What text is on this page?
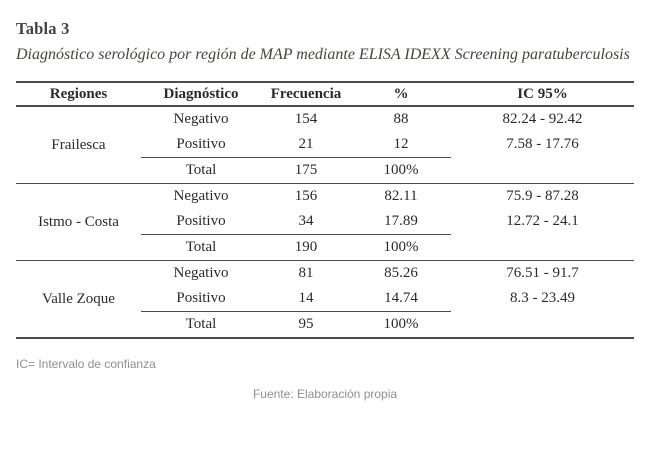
Tabla 3
Diagnóstico serológico por región de MAP mediante ELISA IDEXX Screening paratuberculosis
Regiones	Diagnóstico	Frecuencia	%	IC 95%
Frailesca	Negativo	154	88	82.24 - 92.42
	Positivo	21	12	7.58 - 17.76
	Total	175	100%	
Istmo - Costa	Negativo	156	82.11	75.9 - 87.28
	Positivo	34	17.89	12.72 - 24.1
	Total	190	100%	
Valle Zoque	Negativo	81	85.26	76.51 - 91.7
	Positivo	14	14.74	8.3 - 23.49
	Total	95	100%	
IC= Intervalo de confianza
Fuente: Elaboración propia
